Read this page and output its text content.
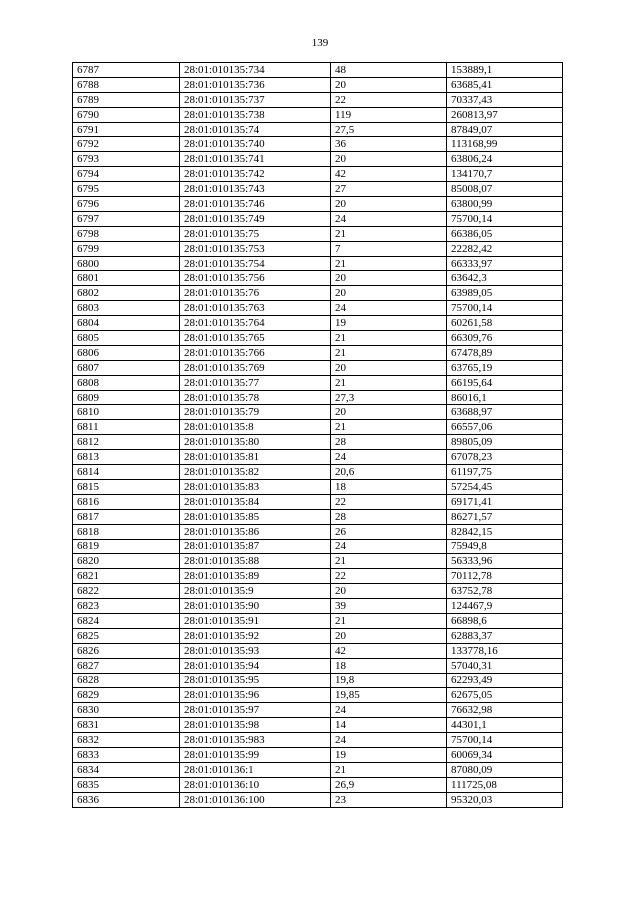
139
6787	28:01:010135:734	48	153889,1
6788	28:01:010135:736	20	63685,41
6789	28:01:010135:737	22	70337,43
6790	28:01:010135:738	119	260813,97
6791	28:01:010135:74	27,5	87849,07
6792	28:01:010135:740	36	113168,99
6793	28:01:010135:741	20	63806,24
6794	28:01:010135:742	42	134170,7
6795	28:01:010135:743	27	85008,07
6796	28:01:010135:746	20	63800,99
6797	28:01:010135:749	24	75700,14
6798	28:01:010135:75	21	66386,05
6799	28:01:010135:753	7	22282,42
6800	28:01:010135:754	21	66333,97
6801	28:01:010135:756	20	63642,3
6802	28:01:010135:76	20	63989,05
6803	28:01:010135:763	24	75700,14
6804	28:01:010135:764	19	60261,58
6805	28:01:010135:765	21	66309,76
6806	28:01:010135:766	21	67478,89
6807	28:01:010135:769	20	63765,19
6808	28:01:010135:77	21	66195,64
6809	28:01:010135:78	27,3	86016,1
6810	28:01:010135:79	20	63688,97
6811	28:01:010135:8	21	66557,06
6812	28:01:010135:80	28	89805,09
6813	28:01:010135:81	24	67078,23
6814	28:01:010135:82	20,6	61197,75
6815	28:01:010135:83	18	57254,45
6816	28:01:010135:84	22	69171,41
6817	28:01:010135:85	28	86271,57
6818	28:01:010135:86	26	82842,15
6819	28:01:010135:87	24	75949,8
6820	28:01:010135:88	21	56333,96
6821	28:01:010135:89	22	70112,78
6822	28:01:010135:9	20	63752,78
6823	28:01:010135:90	39	124467,9
6824	28:01:010135:91	21	66898,6
6825	28:01:010135:92	20	62883,37
6826	28:01:010135:93	42	133778,16
6827	28:01:010135:94	18	57040,31
6828	28:01:010135:95	19,8	62293,49
6829	28:01:010135:96	19,85	62675,05
6830	28:01:010135:97	24	76632,98
6831	28:01:010135:98	14	44301,1
6832	28:01:010135:983	24	75700,14
6833	28:01:010135:99	19	60069,34
6834	28:01:010136:1	21	87080,09
6835	28:01:010136:10	26,9	111725,08
6836	28:01:010136:100	23	95320,03
